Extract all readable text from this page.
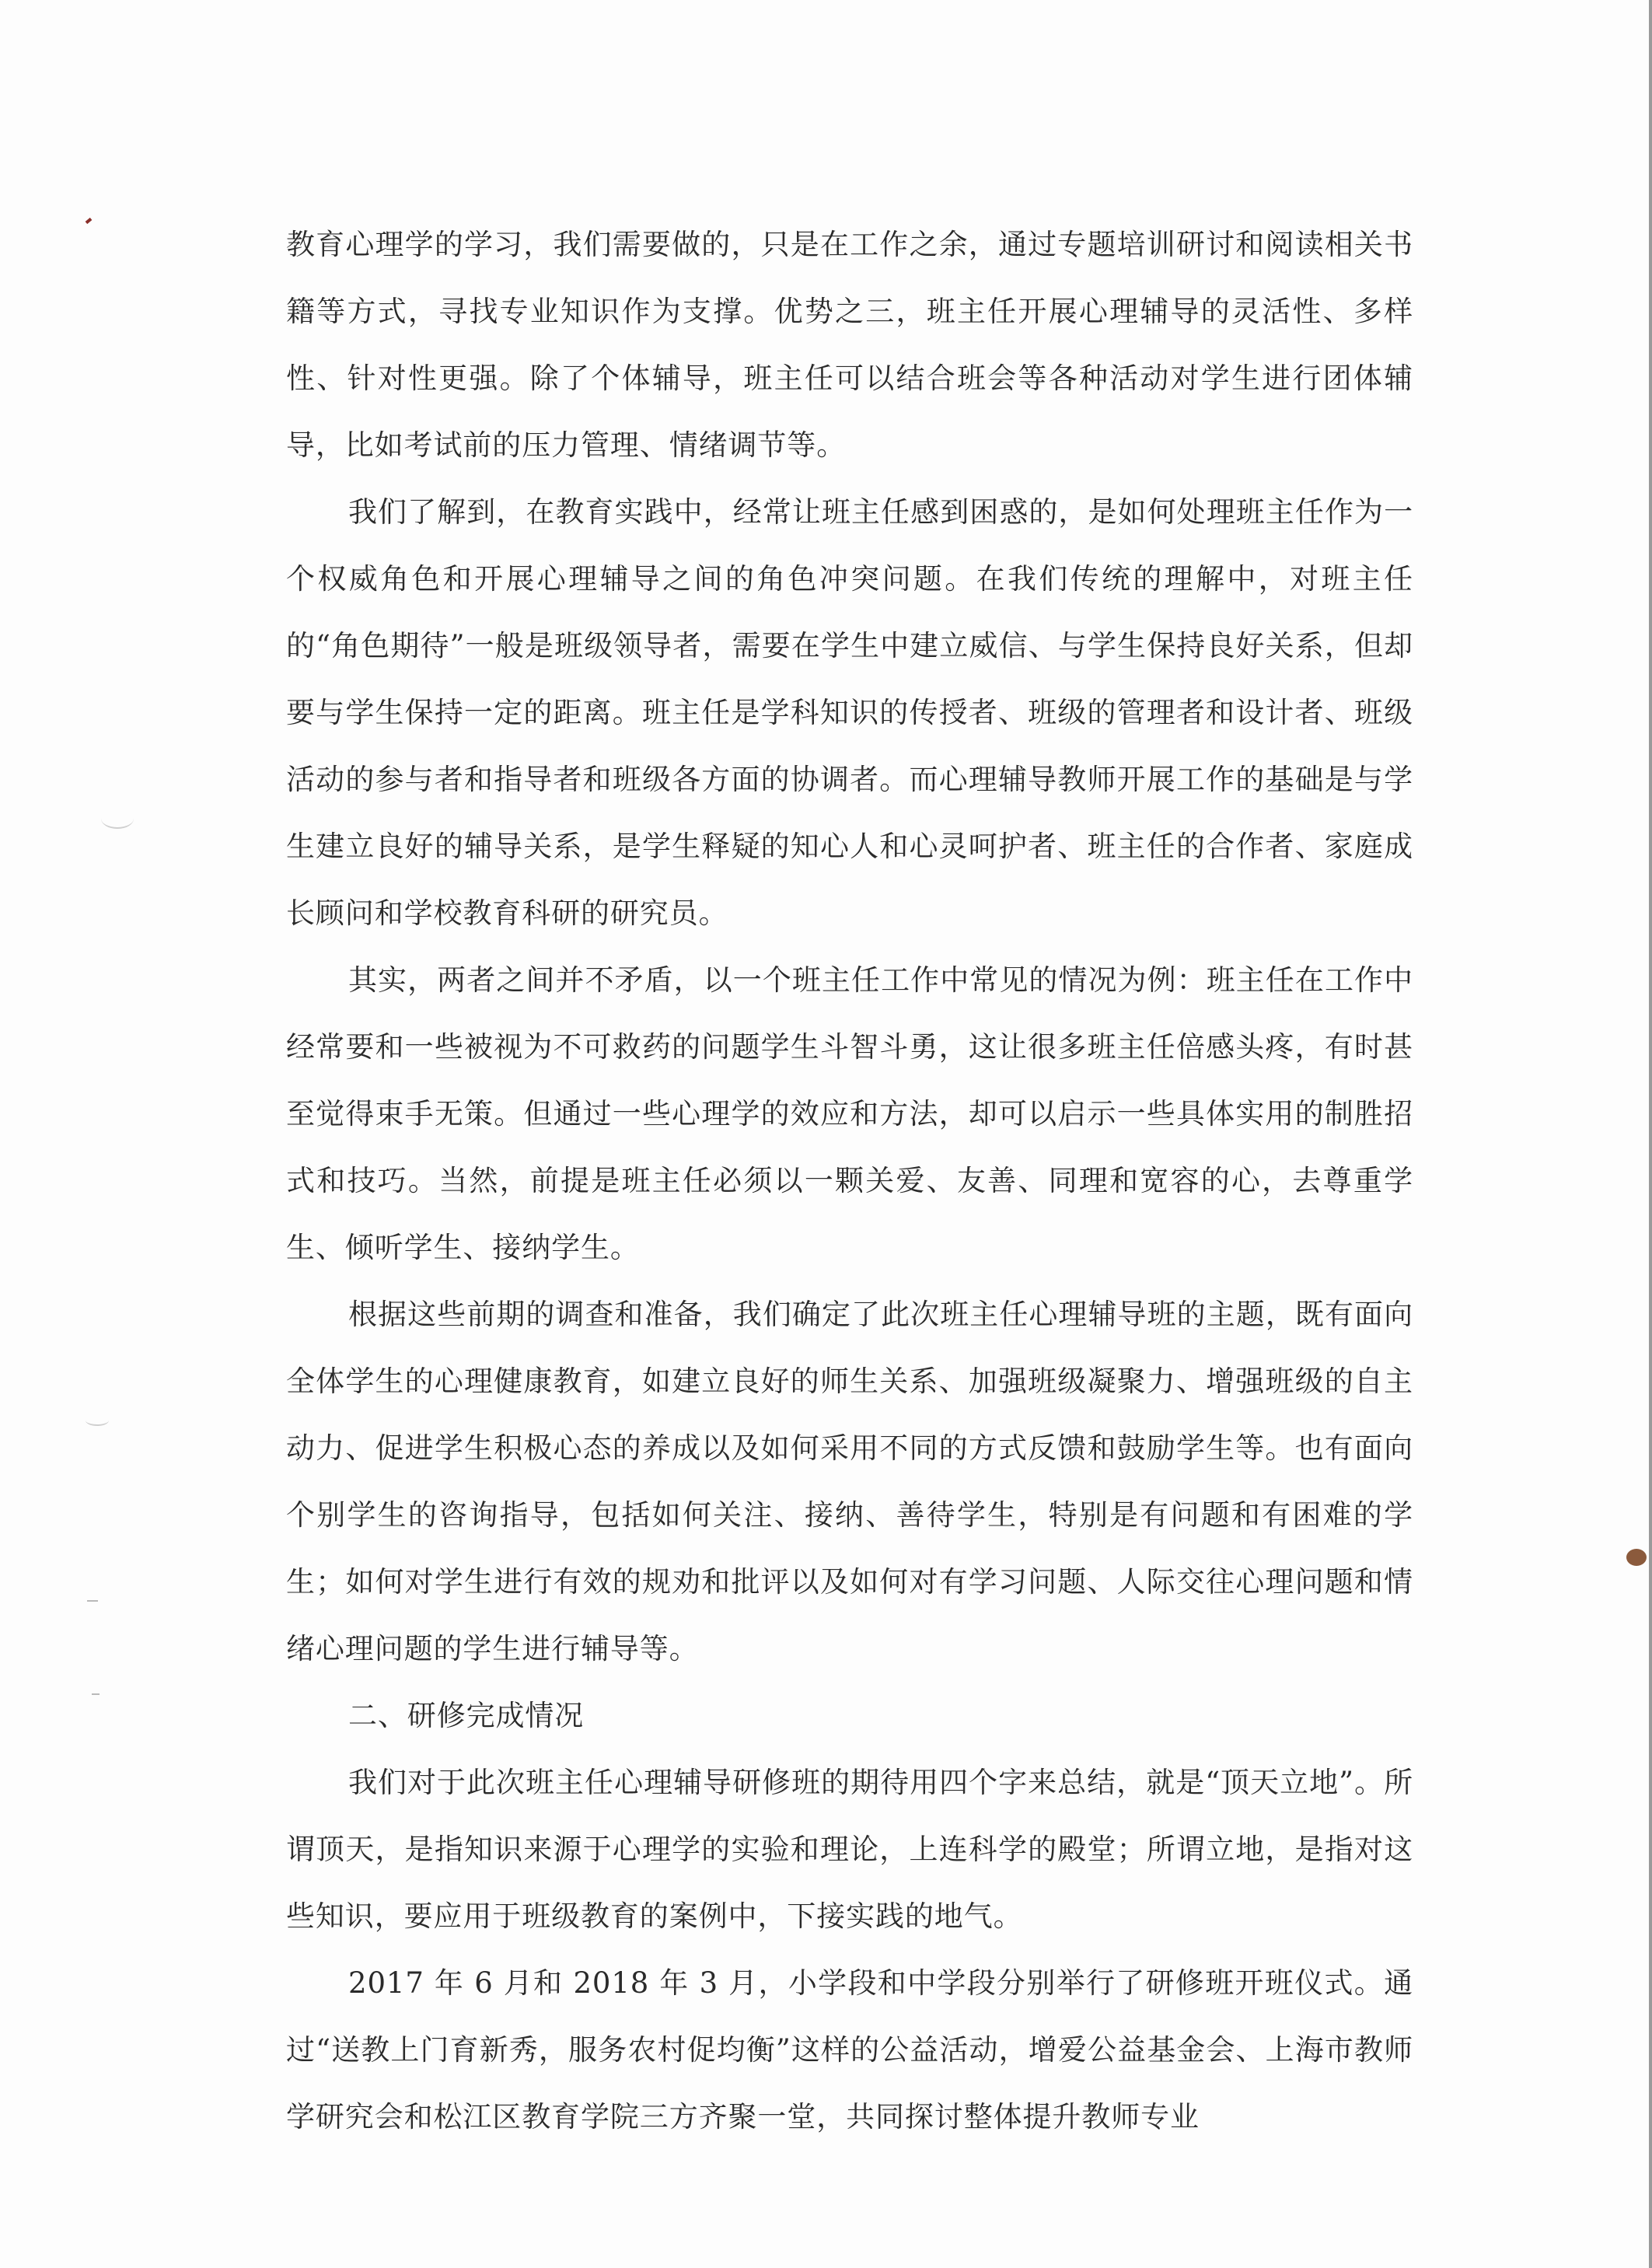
教育心理学的学习，我们需要做的，只是在工作之余，通过专题培训研讨和阅读相关书籍等方式，寻找专业知识作为支撑。优势之三，班主任开展心理辅导的灵活性、多样性、针对性更强。除了个体辅导，班主任可以结合班会等各种活动对学生进行团体辅导，比如考试前的压力管理、情绪调节等。

我们了解到，在教育实践中，经常让班主任感到困惑的，是如何处理班主任作为一个权威角色和开展心理辅导之间的角色冲突问题。在我们传统的理解中，对班主任的“角色期待”一般是班级领导者，需要在学生中建立威信、与学生保持良好关系，但却要与学生保持一定的距离。班主任是学科知识的传授者、班级的管理者和设计者、班级活动的参与者和指导者和班级各方面的协调者。而心理辅导教师开展工作的基础是与学生建立良好的辅导关系，是学生释疑的知心人和心灵呵护者、班主任的合作者、家庭成长顾问和学校教育科研的研究员。

其实，两者之间并不矛盾，以一个班主任工作中常见的情况为例：班主任在工作中经常要和一些被视为不可救药的问题学生斗智斗勇，这让很多班主任倍感头疼，有时甚至觉得束手无策。但通过一些心理学的效应和方法，却可以启示一些具体实用的制胜招式和技巧。当然，前提是班主任必须以一颗关爱、友善、同理和宽容的心，去尊重学生、倾听学生、接纳学生。

根据这些前期的调查和准备，我们确定了此次班主任心理辅导班的主题，既有面向全体学生的心理健康教育，如建立良好的师生关系、加强班级凝聚力、增强班级的自主动力、促进学生积极心态的养成以及如何采用不同的方式反馈和鼓励学生等。也有面向个别学生的咨询指导，包括如何关注、接纳、善待学生，特别是有问题和有困难的学生；如何对学生进行有效的规劝和批评以及如何对有学习问题、人际交往心理问题和情绪心理问题的学生进行辅导等。

二、研修完成情况

我们对于此次班主任心理辅导研修班的期待用四个字来总结，就是“顶天立地”。所谓顶天，是指知识来源于心理学的实验和理论，上连科学的殿堂；所谓立地，是指对这些知识，要应用于班级教育的案例中，下接实践的地气。

2017 年 6 月和 2018 年 3 月，小学段和中学段分别举行了研修班开班仪式。通过“送教上门育新秀，服务农村促均衡”这样的公益活动，增爱公益基金会、上海市教师学研究会和松江区教育学院三方齐聚一堂，共同探讨整体提升教师专业
